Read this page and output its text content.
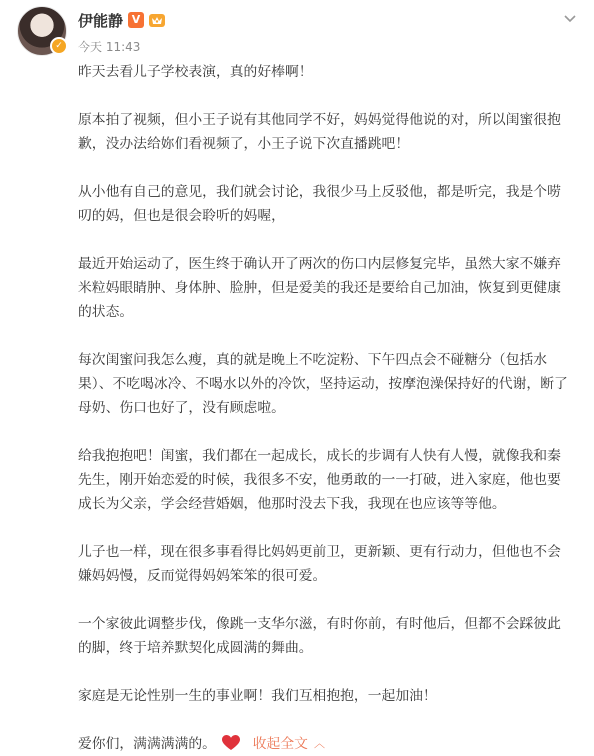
✓
伊能静 V
今天 11:43

昨天去看儿子学校表演，真的好棒啊！

原本拍了视频，但小王子说有其他同学不好，妈妈觉得他说的对，所以闺蜜很抱歉，没办法给妳们看视频了，小王子说下次直播跳吧！

从小他有自己的意见，我们就会讨论，我很少马上反驳他，都是听完，我是个唠叨的妈，但也是很会聆听的妈喔，

最近开始运动了，医生终于确认开了两次的伤口内层修复完毕，虽然大家不嫌弃米粒妈眼睛肿、身体肿、脸肿，但是爱美的我还是要给自己加油，恢复到更健康的状态。

每次闺蜜问我怎么瘦，真的就是晚上不吃淀粉、下午四点会不碰糖分（包括水果）、不吃喝冰冷、不喝水以外的冷饮，坚持运动，按摩泡澡保持好的代谢，断了母奶、伤口也好了，没有顾虑啦。

给我抱抱吧！闺蜜，我们都在一起成长，成长的步调有人快有人慢，就像我和秦先生，刚开始恋爱的时候，我很多不安，他勇敢的一一打破，进入家庭，他也要成长为父亲，学会经营婚姻，他那时没去下我，我现在也应该等等他。

儿子也一样，现在很多事看得比妈妈更前卫，更新颖、更有行动力，但他也不会嫌妈妈慢，反而觉得妈妈笨笨的很可爱。

一个家彼此调整步伐，像跳一支华尔滋，有时你前，有时他后，但都不会踩彼此的脚，终于培养默契化成圆满的舞曲。

家庭是无论性别一生的事业啊！我们互相抱抱，一起加油！

爱你们，满满满满的。	收起全文 ︿
